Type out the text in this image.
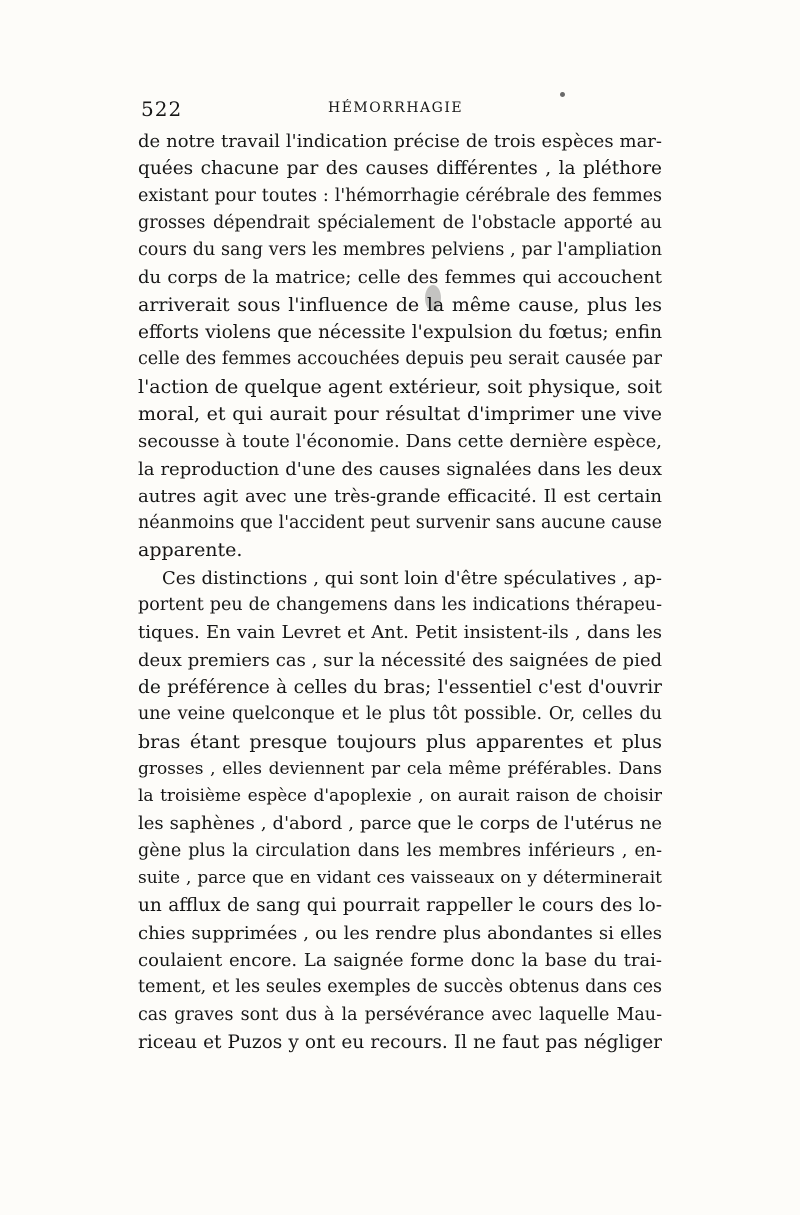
522	HÉMORRHAGIE
de notre travail l'indication précise de trois espèces mar-
quées chacune par des causes différentes , la pléthore
existant pour toutes : l'hémorrhagie cérébrale des femmes
grosses dépendrait spécialement de l'obstacle apporté au
cours du sang vers les membres pelviens , par l'ampliation
du corps de la matrice; celle des femmes qui accouchent
arriverait sous l'influence de la même cause, plus les
efforts violens que nécessite l'expulsion du fœtus; enfin
celle des femmes accouchées depuis peu serait causée par
l'action de quelque agent extérieur, soit physique, soit
moral, et qui aurait pour résultat d'imprimer une vive
secousse à toute l'économie. Dans cette dernière espèce,
la reproduction d'une des causes signalées dans les deux
autres agit avec une très-grande efficacité. Il est certain
néanmoins que l'accident peut survenir sans aucune cause
apparente.
Ces distinctions , qui sont loin d'être spéculatives , ap-
portent peu de changemens dans les indications thérapeu-
tiques. En vain Levret et Ant. Petit insistent-ils , dans les
deux premiers cas , sur la nécessité des saignées de pied
de préférence à celles du bras; l'essentiel c'est d'ouvrir
une veine quelconque et le plus tôt possible. Or, celles du
bras étant presque toujours plus apparentes et plus
grosses , elles deviennent par cela même préférables. Dans
la troisième espèce d'apoplexie , on aurait raison de choisir
les saphènes , d'abord , parce que le corps de l'utérus ne
gène plus la circulation dans les membres inférieurs , en-
suite , parce que en vidant ces vaisseaux on y déterminerait
un afflux de sang qui pourrait rappeller le cours des lo-
chies supprimées , ou les rendre plus abondantes si elles
coulaient encore. La saignée forme donc la base du trai-
tement, et les seules exemples de succès obtenus dans ces
cas graves sont dus à la persévérance avec laquelle Mau-
riceau et Puzos y ont eu recours. Il ne faut pas négliger
